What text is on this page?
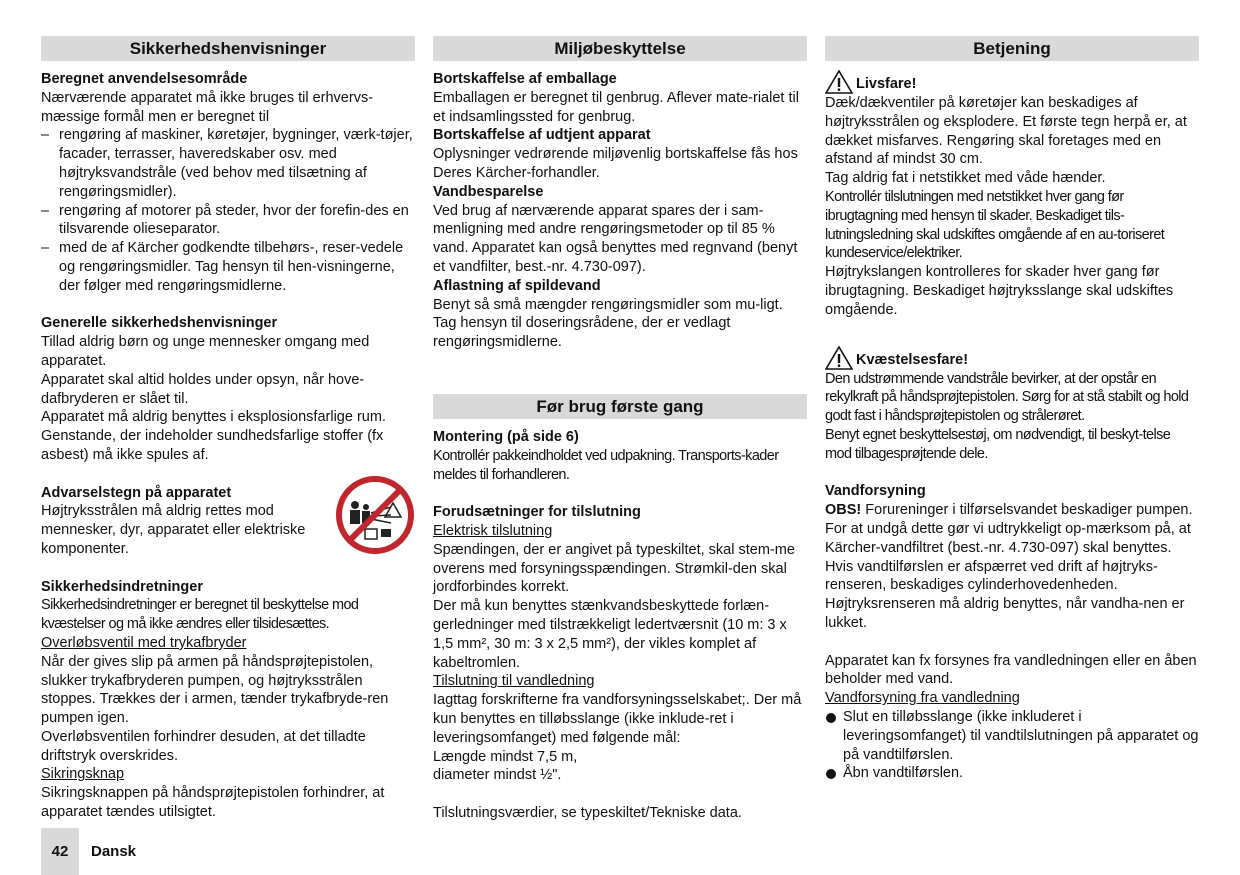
Sikkerhedshenvisninger
Beregnet anvendelsesområde

Nærværende apparatet må ikke bruges til erhvervs-mæssige formål men er beregnet til

– rengøring af maskiner, køretøjer, bygninger, værk-tøjer, facader, terrasser, haveredskaber osv. med højtryksvandstråle (ved behov med tilsætning af rengøringsmidler).
– rengøring af motorer på steder, hvor der forefin-des en tilsvarende olieseparator.
– med de af Kärcher godkendte tilbehørs-, reser-vedele og rengøringsmidler. Tag hensyn til hen-visningerne, der følger med rengøringsmidlerne.
Generelle sikkerhedshenvisninger

Tillad aldrig børn og unge mennesker omgang med apparatet.

Apparatet skal altid holdes under opsyn, når hove-dafbryderen er slået til.

Apparatet må aldrig benyttes i eksplosionsfarlige rum. Genstande, der indeholder sundhedsfarlige stoffer (fx asbest) må ikke spules af.

Advarselstegn på apparatet

Højtryksstrålen må aldrig rettes mod mennesker, dyr, apparatet eller elektriske komponenter.

Sikkerhedsindretninger

Sikkerhedsindretninger er beregnet til beskyttelse mod kvæstelser og må ikke ændres eller tilsidesættes.

Overløbsventil med trykafbryder

Når der gives slip på armen på håndsprøjtepistolen, slukker trykafbryderen pumpen, og højtryksstrålen stoppes. Trækkes der i armen, tænder trykafbryde-ren pumpen igen.

Overløbsventilen forhindrer desuden, at det tilladte driftstryk overskrides.

Sikringsknap

Sikringsknappen på håndsprøjtepistolen forhindrer, at apparatet tændes utilsigtet.

Miljøbeskyttelse
Bortskaffelse af emballage

Emballagen er beregnet til genbrug. Aflever mate-rialet til et indsamlingssted for genbrug.

Bortskaffelse af udtjent apparat

Oplysninger vedrørende miljøvenlig bortskaffelse fås hos Deres Kärcher-forhandler.

Vandbesparelse

Ved brug af nærværende apparat spares der i sam-menligning med andre rengøringsmetoder op til 85 % vand. Apparatet kan også benyttes med regnvand (benyt et vandfilter, best.-nr. 4.730-097).

Aflastning af spildevand

Benyt så små mængder rengøringsmidler som mu-ligt. Tag hensyn til doseringsrådene, der er vedlagt rengøringsmidlerne.

Før brug første gang
Montering (på side 6)

Kontrollér pakkeindholdet ved udpakning. Transports-kader meldes til forhandleren.

Forudsætninger for tilslutning

Elektrisk tilslutning

Spændingen, der er angivet på typeskiltet, skal stem-me overens med forsyningsspændingen. Strømkil-den skal jordforbindes korrekt.

Der må kun benyttes stænkvandsbeskyttede forlæn-gerledninger med tilstrækkeligt ledertværsnit (10 m: 3 x 1,5 mm², 30 m: 3 x 2,5 mm²), der vikles komplet af kabeltromlen.

Tilslutning til vandledning

Iagttag forskrifterne fra vandforsyningsselskabet;. Der må kun benyttes en tilløbsslange (ikke inklude-ret i leveringsomfanget) med følgende mål:

Længde mindst 7,5 m,

diameter mindst ½".

Tilslutningsværdier, se typeskiltet/Tekniske data.

Betjening
Livsfare!

Dæk/dækventiler på køretøjer kan beskadiges af højtryksstrålen og eksplodere. Et første tegn herpå er, at dækket misfarves. Rengøring skal foretages med en afstand af mindst 30 cm.

Tag aldrig fat i netstikket med våde hænder.

Kontrollér tilslutningen med netstikket hver gang før ibrugtagning med hensyn til skader. Beskadiget tils-lutningsledning skal udskiftes omgående af en au-toriseret kundeservice/elektriker.

Højtrykslangen kontrolleres for skader hver gang før ibrugtagning. Beskadiget højtryksslange skal udskiftes omgående.

Kvæstelsesfare!

Den udstrømmende vandstråle bevirker, at der opstår en rekylkraft på håndsprøjtepistolen. Sørg for at stå stabilt og hold godt fast i håndsprøjtepistolen og strålerøret.

Benyt egnet beskyttelsestøj, om nødvendigt, til beskyt-telse mod tilbagesprøjtende dele.

Vandforsyning

OBS! Forureninger i tilførselsvandet beskadiger pumpen. For at undgå dette gør vi udtrykkeligt op-mærksom på, at Kärcher-vandfiltret (best.-nr. 4.730-097) skal benyttes.

Hvis vandtilførslen er afspærret ved drift af højtryks-renseren, beskadiges cylinderhovedenheden. Højtryksrenseren må aldrig benyttes, når vandha-nen er lukket.

Apparatet kan fx forsynes fra vandledningen eller en åben beholder med vand.

Vandforsyning fra vandledning

Slut en tilløbsslange (ikke inkluderet i leveringsomfanget) til vandtilslutningen på apparatet og på vandtilførslen.
Åbn vandtilførslen.
42	Dansk
